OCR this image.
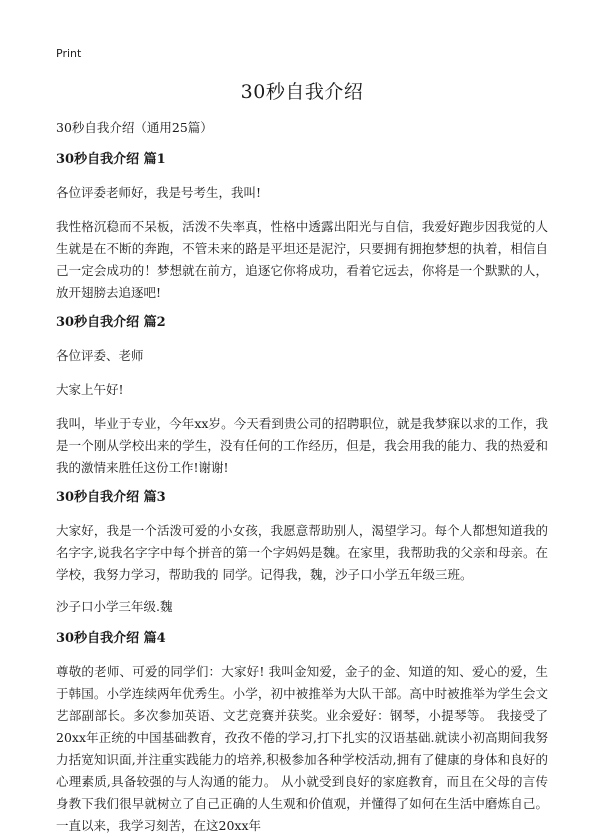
Print
30秒自我介绍

30秒自我介绍（通用25篇）

30秒自我介绍 篇1

各位评委老师好，我是号考生，我叫!

我性格沉稳而不呆板，活泼不失率真，性格中透露出阳光与自信，我爱好跑步因我觉的人生就是在不断的奔跑，不管未来的路是平坦还是泥泞，只要拥有拥抱梦想的执着，相信自己一定会成功的！梦想就在前方，追逐它你将成功，看着它远去，你将是一个默默的人，放开翅膀去追逐吧!

30秒自我介绍 篇2

各位评委、老师

大家上午好!

我叫，毕业于专业，今年xx岁。今天看到贵公司的招聘职位，就是我梦寐以求的工作，我是一个刚从学校出来的学生，没有任何的工作经历，但是，我会用我的能力、我的热爱和我的激情来胜任这份工作!谢谢!

30秒自我介绍 篇3

大家好，我是一个活泼可爱的小女孩，我愿意帮助别人，渴望学习。每个人都想知道我的名字字,说我名字字中每个拼音的第一个字妈妈是魏。在家里，我帮助我的父亲和母亲。在学校，我努力学习，帮助我的 同学。记得我，魏，沙子口小学五年级三班。

沙子口小学三年级.魏

30秒自我介绍 篇4

尊敬的老师、可爱的同学们：大家好! 我叫金知爱，金子的金、知道的知、爱心的爱，生于韩国。小学连续两年优秀生。小学，初中被推举为大队干部。高中时被推举为学生会文艺部副部长。多次参加英语、文艺竞赛并获奖。业余爱好：钢琴，小提琴等。 我接受了20xx年正统的中国基础教育，孜孜不倦的学习,打下扎实的汉语基础.就读小初高期间我努力括宽知识面,并注重实践能力的培养,积极参加各种学校活动,拥有了健康的身体和良好的心理素质,具备较强的与人沟通的能力。 从小就受到良好的家庭教育，而且在父母的言传身教下我们很早就树立了自己正确的人生观和价值观，并懂得了如何在生活中磨炼自己。一直以来，我学习刻苦，在这20xx年
